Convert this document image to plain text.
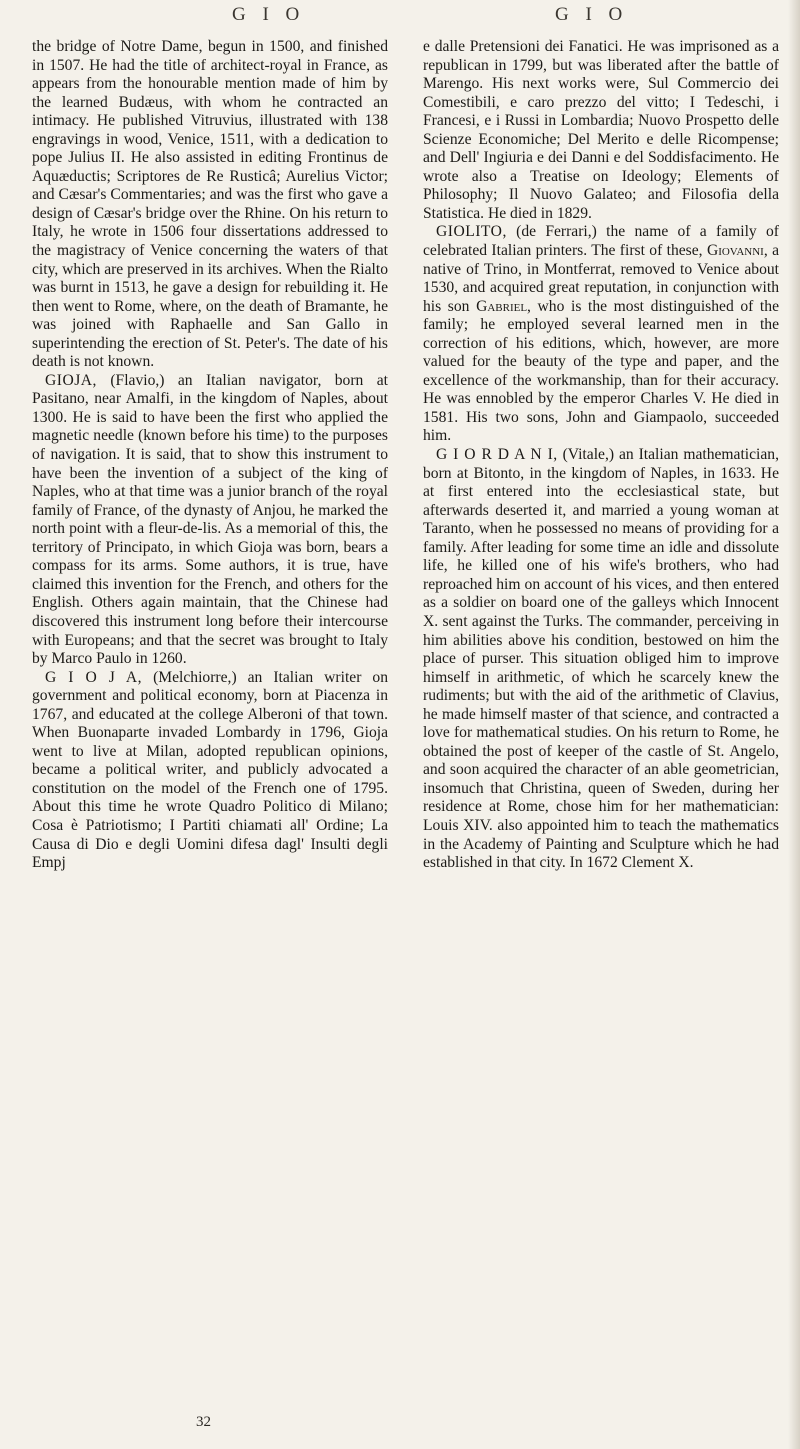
G I O	G I O

the bridge of Notre Dame, begun in 1500, and finished in 1507. He had the title of architect-royal in France, as appears from the honourable mention made of him by the learned Budæus, with whom he contracted an intimacy. He published Vitruvius, illustrated with 138 engravings in wood, Venice, 1511, with a dedication to pope Julius II. He also assisted in editing Frontinus de Aquæductis; Scriptores de Re Rusticâ; Aurelius Victor; and Cæsar's Commentaries; and was the first who gave a design of Cæsar's bridge over the Rhine. On his return to Italy, he wrote in 1506 four dissertations addressed to the magistracy of Venice concerning the waters of that city, which are preserved in its archives. When the Rialto was burnt in 1513, he gave a design for rebuilding it. He then went to Rome, where, on the death of Bramante, he was joined with Raphaelle and San Gallo in superintending the erection of St. Peter's. The date of his death is not known.

GIOJA, (Flavio,) an Italian navigator, born at Pasitano, near Amalfi, in the kingdom of Naples, about 1300. He is said to have been the first who applied the magnetic needle (known before his time) to the purposes of navigation. It is said, that to show this instrument to have been the invention of a subject of the king of Naples, who at that time was a junior branch of the royal family of France, of the dynasty of Anjou, he marked the north point with a fleur-de-lis. As a memorial of this, the territory of Principato, in which Gioja was born, bears a compass for its arms. Some authors, it is true, have claimed this invention for the French, and others for the English. Others again maintain, that the Chinese had discovered this instrument long before their intercourse with Europeans; and that the secret was brought to Italy by Marco Paulo in 1260.

G I O J A, (Melchiorre,) an Italian writer on government and political economy, born at Piacenza in 1767, and educated at the college Alberoni of that town. When Buonaparte invaded Lombardy in 1796, Gioja went to live at Milan, adopted republican opinions, became a political writer, and publicly advocated a constitution on the model of the French one of 1795. About this time he wrote Quadro Politico di Milano; Cosa è Patriotismo; I Partiti chiamati all' Ordine; La Causa di Dio e degli Uomini difesa dagl' Insulti degli Empj

e dalle Pretensioni dei Fanatici. He was imprisoned as a republican in 1799, but was liberated after the battle of Marengo. His next works were, Sul Commercio dei Comestibili, e caro prezzo del vitto; I Tedeschi, i Francesi, e i Russi in Lombardia; Nuovo Prospetto delle Scienze Economiche; Del Merito e delle Ricompense; and Dell' Ingiuria e dei Danni e del Soddisfacimento. He wrote also a Treatise on Ideology; Elements of Philosophy; Il Nuovo Galateo; and Filosofia della Statistica. He died in 1829.

GIOLITO, (de Ferrari,) the name of a family of celebrated Italian printers. The first of these, Giovanni, a native of Trino, in Montferrat, removed to Venice about 1530, and acquired great reputation, in conjunction with his son Gabriel, who is the most distinguished of the family; he employed several learned men in the correction of his editions, which, however, are more valued for the beauty of the type and paper, and the excellence of the workmanship, than for their accuracy. He was ennobled by the emperor Charles V. He died in 1581. His two sons, John and Giampaolo, succeeded him.

G I O R D A N I, (Vitale,) an Italian mathematician, born at Bitonto, in the kingdom of Naples, in 1633. He at first entered into the ecclesiastical state, but afterwards deserted it, and married a young woman at Taranto, when he possessed no means of providing for a family. After leading for some time an idle and dissolute life, he killed one of his wife's brothers, who had reproached him on account of his vices, and then entered as a soldier on board one of the galleys which Innocent X. sent against the Turks. The commander, perceiving in him abilities above his condition, bestowed on him the place of purser. This situation obliged him to improve himself in arithmetic, of which he scarcely knew the rudiments; but with the aid of the arithmetic of Clavius, he made himself master of that science, and contracted a love for mathematical studies. On his return to Rome, he obtained the post of keeper of the castle of St. Angelo, and soon acquired the character of an able geometrician, insomuch that Christina, queen of Sweden, during her residence at Rome, chose him for her mathematician: Louis XIV. also appointed him to teach the mathematics in the Academy of Painting and Sculpture which he had established in that city. In 1672 Clement X.

32
